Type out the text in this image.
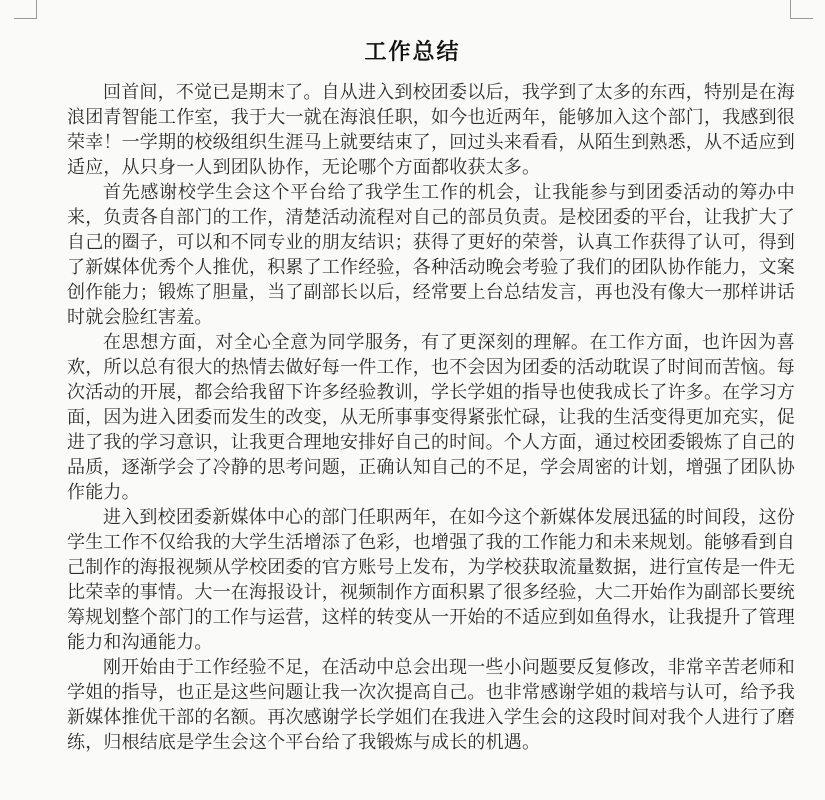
工作总结

回首间，不觉已是期末了。自从进入到校团委以后，我学到了太多的东西，特别是在海浪团青智能工作室，我于大一就在海浪任职，如今也近两年，能够加入这个部门，我感到很荣幸！一学期的校级组织生涯马上就要结束了，回过头来看看，从陌生到熟悉，从不适应到适应，从只身一人到团队协作，无论哪个方面都收获太多。

首先感谢校学生会这个平台给了我学生工作的机会，让我能参与到团委活动的筹办中来，负责各自部门的工作，清楚活动流程对自己的部员负责。是校团委的平台，让我扩大了自己的圈子，可以和不同专业的朋友结识；获得了更好的荣誉，认真工作获得了认可，得到了新媒体优秀个人推优，积累了工作经验，各种活动晚会考验了我们的团队协作能力，文案创作能力；锻炼了胆量，当了副部长以后，经常要上台总结发言，再也没有像大一那样讲话时就会脸红害羞。

在思想方面，对全心全意为同学服务，有了更深刻的理解。在工作方面，也许因为喜欢，所以总有很大的热情去做好每一件工作，也不会因为团委的活动耽误了时间而苦恼。每次活动的开展，都会给我留下许多经验教训，学长学姐的指导也使我成长了许多。在学习方面，因为进入团委而发生的改变，从无所事事变得紧张忙碌，让我的生活变得更加充实，促进了我的学习意识，让我更合理地安排好自己的时间。个人方面，通过校团委锻炼了自己的品质，逐渐学会了冷静的思考问题，正确认知自己的不足，学会周密的计划，增强了团队协作能力。

进入到校团委新媒体中心的部门任职两年，在如今这个新媒体发展迅猛的时间段，这份学生工作不仅给我的大学生活增添了色彩，也增强了我的工作能力和未来规划。能够看到自己制作的海报视频从学校团委的官方账号上发布，为学校获取流量数据，进行宣传是一件无比荣幸的事情。大一在海报设计，视频制作方面积累了很多经验，大二开始作为副部长要统筹规划整个部门的工作与运营，这样的转变从一开始的不适应到如鱼得水，让我提升了管理能力和沟通能力。

刚开始由于工作经验不足，在活动中总会出现一些小问题要反复修改，非常辛苦老师和学姐的指导，也正是这些问题让我一次次提高自己。也非常感谢学姐的栽培与认可，给予我新媒体推优干部的名额。再次感谢学长学姐们在我进入学生会的这段时间对我个人进行了磨练，归根结底是学生会这个平台给了我锻炼与成长的机遇。
